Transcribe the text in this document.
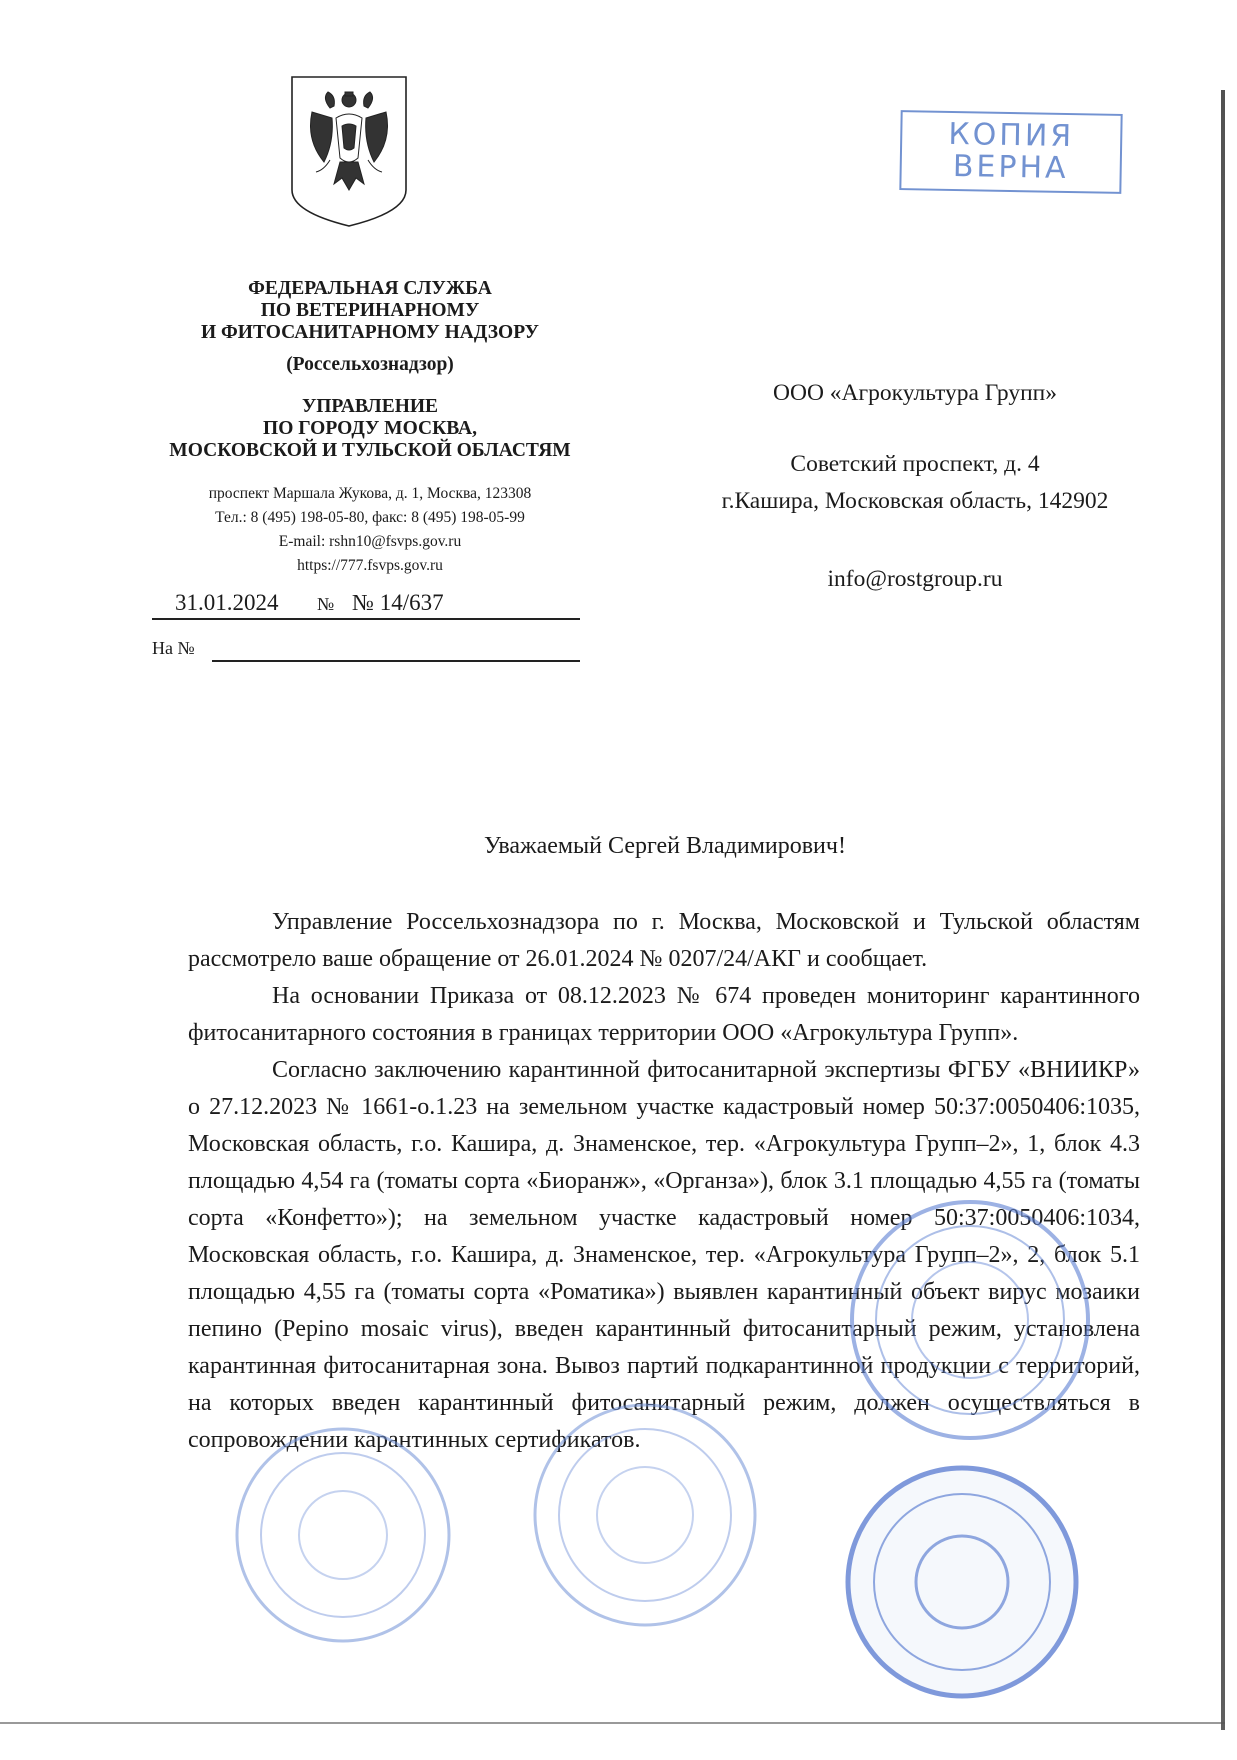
КОПИЯ
ВЕРНА
ФЕДЕРАЛЬНАЯ СЛУЖБА
ПО ВЕТЕРИНАРНОМУ
И ФИТОСАНИТАРНОМУ НАДЗОРУ
(Россельхознадзор)
УПРАВЛЕНИЕ
ПО ГОРОДУ МОСКВА,
МОСКОВСКОЙ И ТУЛЬСКОЙ ОБЛАСТЯМ
проспект Маршала Жукова, д. 1, Москва, 123308
Тел.: 8 (495) 198-05-80, факс: 8 (495) 198-05-99
E-mail: rshn10@fsvps.gov.ru
https://777.fsvps.gov.ru
31.01.2024 № № 14/637
На №
ООО «Агрокультура Групп»
Советский проспект, д. 4
г.Кашира, Московская область, 142902
info@rostgroup.ru
Уважаемый Сергей Владимирович!

Управление Россельхознадзора по г. Москва, Московской и Тульской областям рассмотрело ваше обращение от 26.01.2024 № 0207/24/АКГ и сообщает.

На основании Приказа от 08.12.2023 № 674 проведен мониторинг карантинного фитосанитарного состояния в границах территории ООО «Агрокультура Групп».

Согласно заключению карантинной фитосанитарной экспертизы ФГБУ «ВНИИКР» о 27.12.2023 № 1661-о.1.23 на земельном участке кадастровый номер 50:37:0050406:1035, Московская область, г.о. Кашира, д. Знаменское, тер. «Агрокультура Групп–2», 1, блок 4.3 площадью 4,54 га (томаты сорта «Биоранж», «Органза»), блок 3.1 площадью 4,55 га (томаты сорта «Конфетто»); на земельном участке кадастровый номер 50:37:0050406:1034, Московская область, г.о. Кашира, д. Знаменское, тер. «Агрокультура Групп–2», 2, блок 5.1 площадью 4,55 га (томаты сорта «Роматика») выявлен карантинный объект вирус мозаики пепино (Pepino mosaic virus), введен карантинный фитосанитарный режим, установлена карантинная фитосанитарная зона. Вывоз партий подкарантинной продукции с территорий, на которых введен карантинный фитосанитарный режим, должен осуществляться в сопровождении карантинных сертификатов.
